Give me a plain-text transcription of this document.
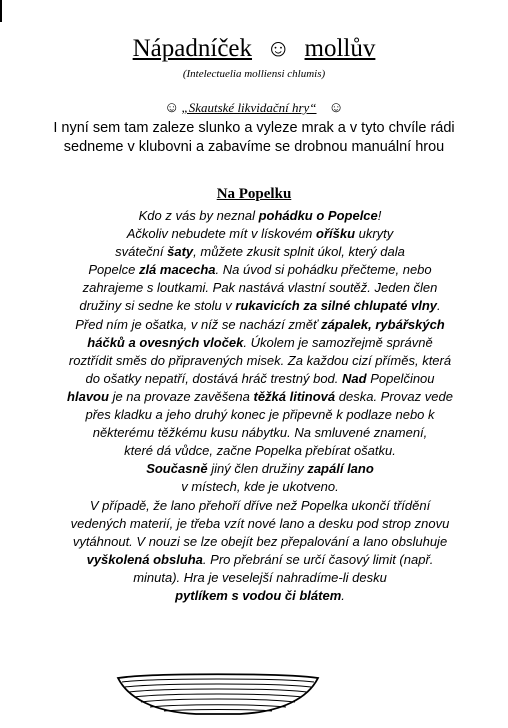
Nápadníček ☺ mollův
(Intelectuelia molliensi chlumis)
☺ „Skautské likvidační hry“ ☺
I nyní sem tam zaleze slunko a vyleze mrak a v tyto chvíle rádi
sedneme v klubovni a zabavíme se drobnou manuální hrou
Na Popelku
Kdo z vás by neznal pohádku o Popelce!
Ačkoliv nebudete mít v lískovém oříšku ukryty
sváteční šaty, můžete zkusit splnit úkol, který dala
Popelce zlá macecha. Na úvod si pohádku přečteme, nebo
zahrajeme s loutkami. Pak nastává vlastní soutěž. Jeden člen
družiny si sedne ke stolu v rukavicích za silné chlupaté vlny.
Před ním je ošatka, v níž se nachází změť zápalek, rybářských
háčků a ovesných vloček. Úkolem je samozřejmě správně
roztřídit směs do připravených misek. Za každou cizí příměs, která
do ošatky nepatří, dostává hráč trestný bod. Nad Popelčinou
hlavou je na provaze zavěšena těžká litinová deska. Provaz vede
přes kladku a jeho druhý konec je připevně k podlaze nebo k
některému těžkému kusu nábytku. Na smluvené znamení,
které dá vůdce, začne Popelka přebírat ošatku.
Současně jiný člen družiny zapálí lano
v místech, kde je ukotveno.
V případě, že lano přehoří dříve než Popelka ukončí třídění
vedených materií, je třeba vzít nové lano a desku pod strop znovu
vytáhnout. V nouzi se lze obejít bez přepalování a lano obsluhuje
vyškolená obsluha. Pro přebrání se určí časový limit (např.
minuta). Hra je veselejší nahradíme-li desku
pytlíkem s vodou či blátem.
